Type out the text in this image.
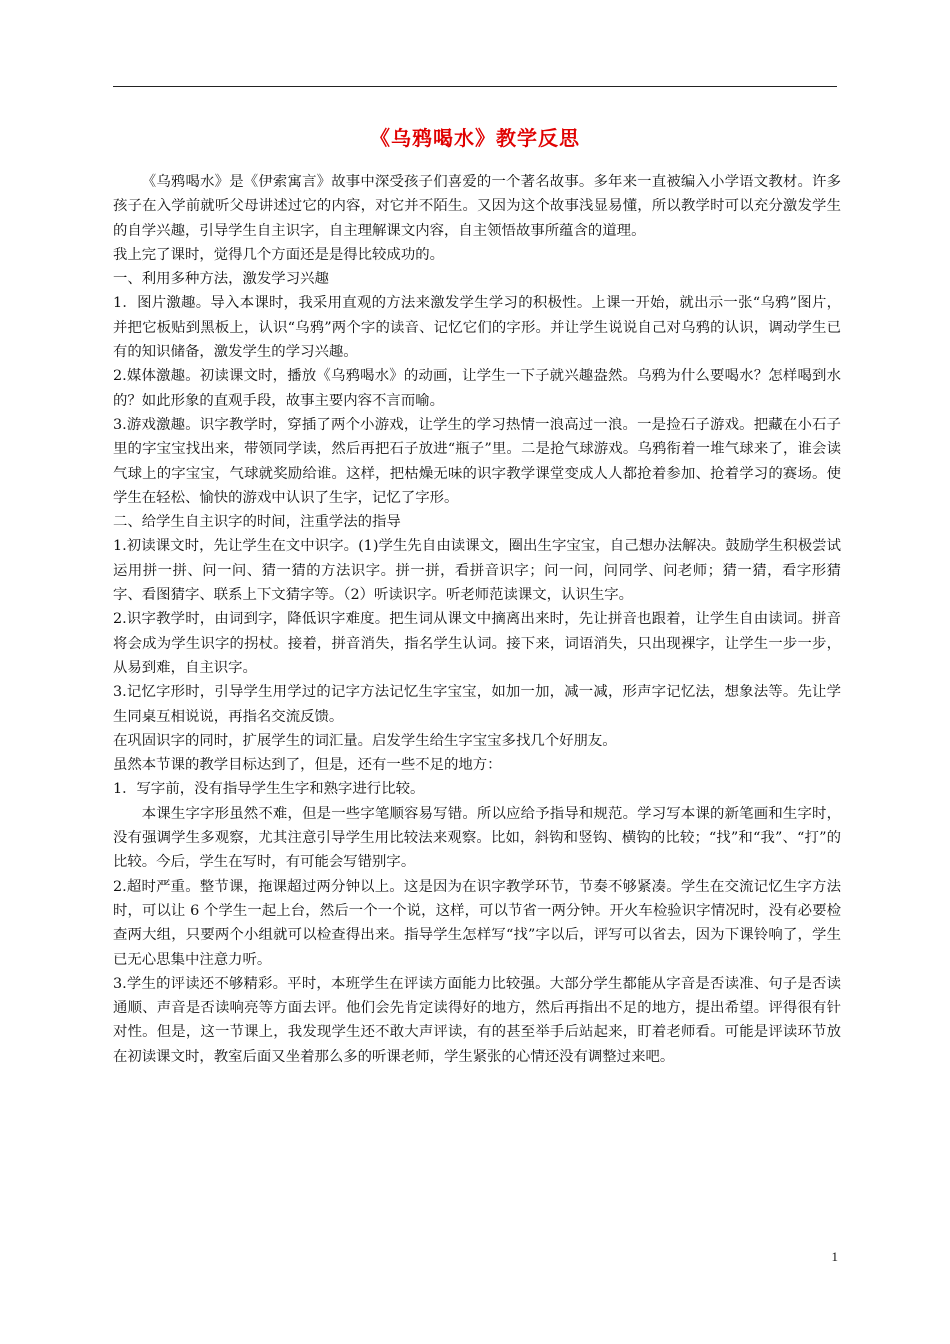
《乌鸦喝水》教学反思

《乌鸦喝水》是《伊索寓言》故事中深受孩子们喜爱的一个著名故事。多年来一直被编入小学语文教材。许多孩子在入学前就听父母讲述过它的内容，对它并不陌生。又因为这个故事浅显易懂，所以教学时可以充分激发学生的自学兴趣，引导学生自主识字，自主理解课文内容，自主领悟故事所蕴含的道理。

我上完了课时，觉得几个方面还是是得比较成功的。

一、利用多种方法，激发学习兴趣

1．图片激趣。导入本课时，我采用直观的方法来激发学生学习的积极性。上课一开始，就出示一张“乌鸦”图片，并把它板贴到黑板上，认识“乌鸦”两个字的读音、记忆它们的字形。并让学生说说自己对乌鸦的认识，调动学生已有的知识储备，激发学生的学习兴趣。

2.媒体激趣。初读课文时，播放《乌鸦喝水》的动画，让学生一下子就兴趣盎然。乌鸦为什么要喝水？怎样喝到水的？如此形象的直观手段，故事主要内容不言而喻。

3.游戏激趣。识字教学时，穿插了两个小游戏，让学生的学习热情一浪高过一浪。一是捡石子游戏。把藏在小石子里的字宝宝找出来，带领同学读，然后再把石子放进“瓶子”里。二是抢气球游戏。乌鸦衔着一堆气球来了，谁会读气球上的字宝宝，气球就奖励给谁。这样，把枯燥无味的识字教学课堂变成人人都抢着参加、抢着学习的赛场。使学生在轻松、愉快的游戏中认识了生字，记忆了字形。

二、给学生自主识字的时间，注重学法的指导

1.初读课文时，先让学生在文中识字。(1)学生先自由读课文，圈出生字宝宝，自己想办法解决。鼓励学生积极尝试运用拼一拼、问一问、猜一猜的方法识字。拼一拼，看拼音识字；问一问，问同学、问老师；猜一猜，看字形猜字、看图猜字、联系上下文猜字等。（2）听读识字。听老师范读课文，认识生字。

2.识字教学时，由词到字，降低识字难度。把生词从课文中摘离出来时，先让拼音也跟着，让学生自由读词。拼音将会成为学生识字的拐杖。接着，拼音消失，指名学生认词。接下来，词语消失，只出现裸字，让学生一步一步，从易到难，自主识字。

3.记忆字形时，引导学生用学过的记字方法记忆生字宝宝，如加一加，减一减，形声字记忆法，想象法等。先让学生同桌互相说说，再指名交流反馈。

在巩固识字的同时，扩展学生的词汇量。启发学生给生字宝宝多找几个好朋友。

虽然本节课的教学目标达到了，但是，还有一些不足的地方：

1．写字前，没有指导学生生字和熟字进行比较。

本课生字字形虽然不难，但是一些字笔顺容易写错。所以应给予指导和规范。学习写本课的新笔画和生字时，没有强调学生多观察，尤其注意引导学生用比较法来观察。比如，斜钩和竖钩、横钩的比较；“找”和“我”、“打”的比较。今后，学生在写时，有可能会写错别字。

2.超时严重。整节课，拖课超过两分钟以上。这是因为在识字教学环节，节奏不够紧凑。学生在交流记忆生字方法时，可以让 6 个学生一起上台，然后一个一个说，这样，可以节省一两分钟。开火车检验识字情况时，没有必要检查两大组，只要两个小组就可以检查得出来。指导学生怎样写“找”字以后，评写可以省去，因为下课铃响了，学生已无心思集中注意力听。

3.学生的评读还不够精彩。平时，本班学生在评读方面能力比较强。大部分学生都能从字音是否读准、句子是否读通顺、声音是否读响亮等方面去评。他们会先肯定读得好的地方，然后再指出不足的地方，提出希望。评得很有针对性。但是，这一节课上，我发现学生还不敢大声评读，有的甚至举手后站起来，盯着老师看。可能是评读环节放在初读课文时，教室后面又坐着那么多的听课老师，学生紧张的心情还没有调整过来吧。

1
